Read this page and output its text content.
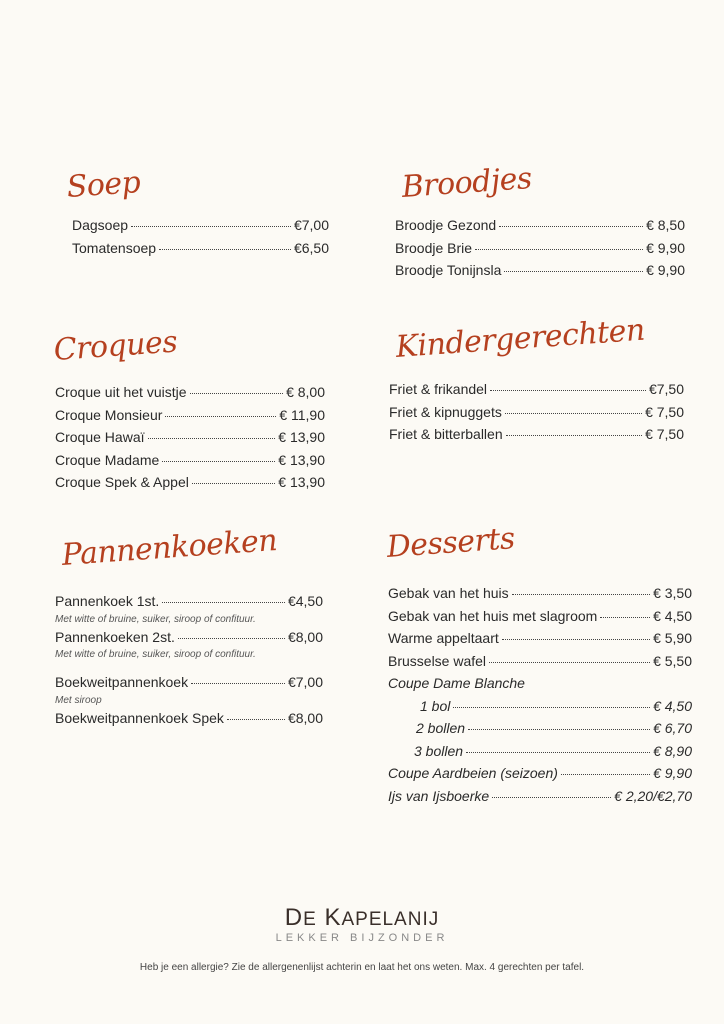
Soep
Dagsoep	€7,00
Tomatensoep	€6,50
Broodjes
Broodje Gezond	€ 8,50
Broodje Brie	€ 9,90
Broodje Tonijnsla	€ 9,90
Croques
Croque uit het vuistje	€ 8,00
Croque Monsieur	€ 11,90
Croque Hawaï	€ 13,90
Croque Madame	€ 13,90
Croque Spek & Appel	€ 13,90
Kindergerechten
Friet & frikandel	€7,50
Friet & kipnuggets	€ 7,50
Friet & bitterballen	€ 7,50
Pannenkoeken
Pannenkoek 1st.	€4,50
Met witte of bruine, suiker, siroop of confituur.
Pannenkoeken 2st.	€8,00
Met witte of bruine, suiker, siroop of confituur.
Boekweitpannenkoek	€7,00
Met siroop
Boekweitpannenkoek Spek	€8,00
Desserts
Gebak van het huis	€ 3,50
Gebak van het huis met slagroom	€ 4,50
Warme appeltaart	€ 5,90
Brusselse wafel	€ 5,50
Coupe Dame Blanche
1 bol	€ 4,50
2 bollen	€ 6,70
3 bollen	€ 8,90
Coupe Aardbeien (seizoen)	€ 9,90
Ijs van Ijsboerke	€ 2,20/€2,70
DE KAPELANIJ
LEKKER BIJZONDER
Heb je een allergie? Zie de allergenenlijst achterin en laat het ons weten. Max. 4 gerechten per tafel.
